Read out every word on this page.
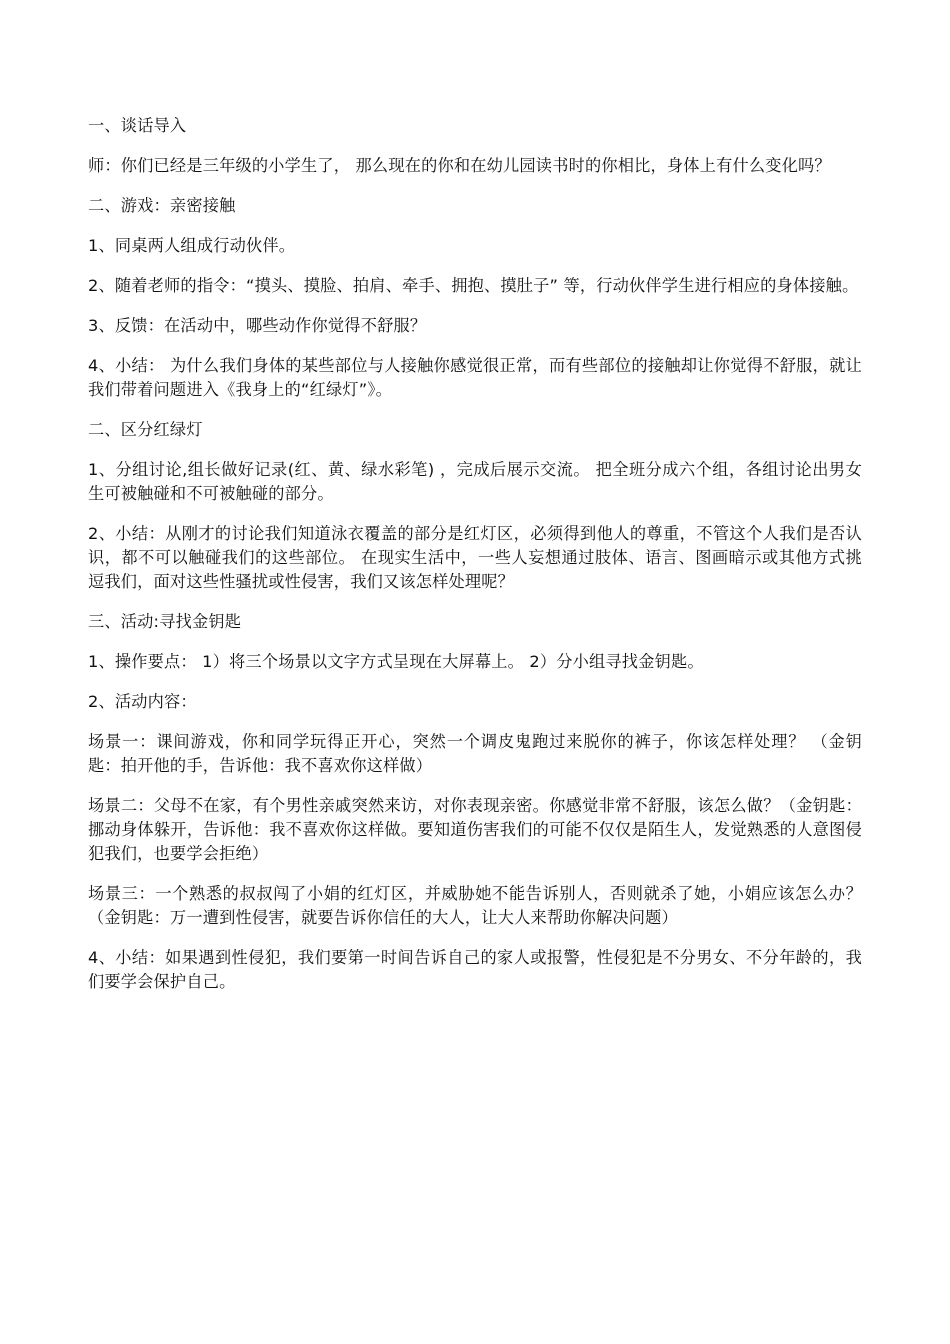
一、谈话导入

师：你们已经是三年级的小学生了， 那么现在的你和在幼儿园读书时的你相比，身体上有什么变化吗？

二、游戏：亲密接触

1、同桌两人组成行动伙伴。

2、随着老师的指令：“摸头、摸脸、拍肩、牵手、拥抱、摸肚子” 等，行动伙伴学生进行相应的身体接触。

3、反馈：在活动中，哪些动作你觉得不舒服？

4、小结： 为什么我们身体的某些部位与人接触你感觉很正常，而有些部位的接触却让你觉得不舒服，就让我们带着问题进入《我身上的“红绿灯”》。

二、区分红绿灯

1、分组讨论,组长做好记录(红、黄、绿水彩笔) ，完成后展示交流。 把全班分成六个组，各组讨论出男女生可被触碰和不可被触碰的部分。

2、小结：从刚才的讨论我们知道泳衣覆盖的部分是红灯区，必须得到他人的尊重，不管这个人我们是否认识，都不可以触碰我们的这些部位。 在现实生活中，一些人妄想通过肢体、语言、图画暗示或其他方式挑逗我们，面对这些性骚扰或性侵害，我们又该怎样处理呢？

三、活动:寻找金钥匙

1、操作要点： 1）将三个场景以文字方式呈现在大屏幕上。 2）分小组寻找金钥匙。

2、活动内容：

场景一：课间游戏，你和同学玩得正开心，突然一个调皮鬼跑过来脱你的裤子，你该怎样处理？ （金钥匙：拍开他的手，告诉他：我不喜欢你这样做）

场景二：父母不在家，有个男性亲戚突然来访，对你表现亲密。你感觉非常不舒服，该怎么做？（金钥匙：挪动身体躲开，告诉他：我不喜欢你这样做。要知道伤害我们的可能不仅仅是陌生人，发觉熟悉的人意图侵犯我们，也要学会拒绝）

场景三：一个熟悉的叔叔闯了小娟的红灯区，并威胁她不能告诉别人，否则就杀了她，小娟应该怎么办？ （金钥匙：万一遭到性侵害，就要告诉你信任的大人，让大人来帮助你解决问题）

4、小结：如果遇到性侵犯，我们要第一时间告诉自己的家人或报警，性侵犯是不分男女、不分年龄的，我们要学会保护自己。
